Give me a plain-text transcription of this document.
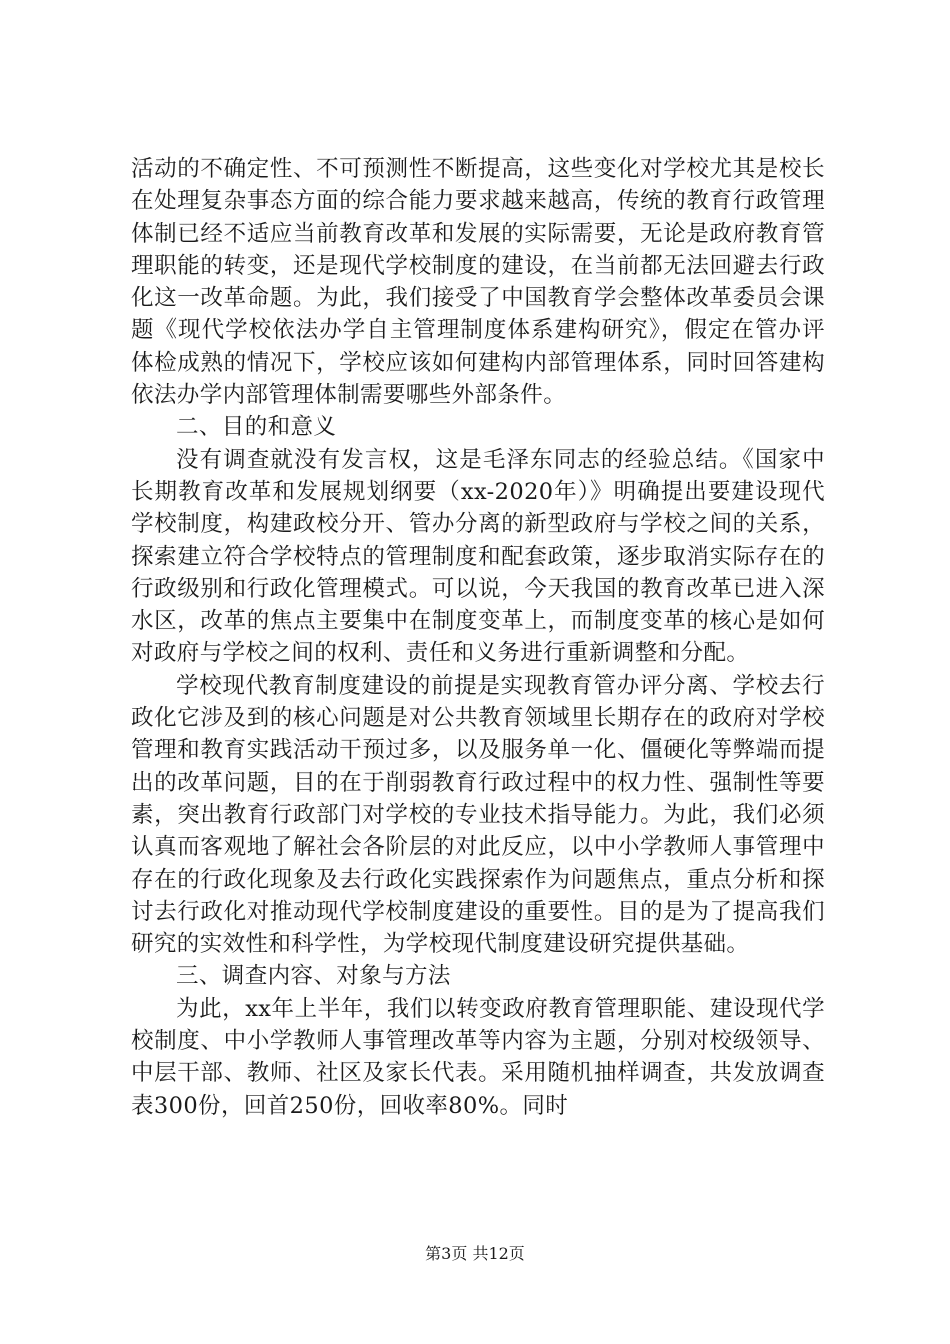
活动的不确定性、不可预测性不断提高，这些变化对学校尤其是校长在处理复杂事态方面的综合能力要求越来越高，传统的教育行政管理体制已经不适应当前教育改革和发展的实际需要，无论是政府教育管理职能的转变，还是现代学校制度的建设，在当前都无法回避去行政化这一改革命题。为此，我们接受了中国教育学会整体改革委员会课题《现代学校依法办学自主管理制度体系建构研究》，假定在管办评体检成熟的情况下，学校应该如何建构内部管理体系，同时回答建构依法办学内部管理体制需要哪些外部条件。

二、目的和意义

没有调查就没有发言权，这是毛泽东同志的经验总结。《国家中长期教育改革和发展规划纲要（xx-2020年）》明确提出要建设现代学校制度，构建政校分开、管办分离的新型政府与学校之间的关系，探索建立符合学校特点的管理制度和配套政策，逐步取消实际存在的行政级别和行政化管理模式。可以说，今天我国的教育改革已进入深水区，改革的焦点主要集中在制度变革上，而制度变革的核心是如何对政府与学校之间的权利、责任和义务进行重新调整和分配。

学校现代教育制度建设的前提是实现教育管办评分离、学校去行政化它涉及到的核心问题是对公共教育领域里长期存在的政府对学校管理和教育实践活动干预过多，以及服务单一化、僵硬化等弊端而提出的改革问题，目的在于削弱教育行政过程中的权力性、强制性等要素，突出教育行政部门对学校的专业技术指导能力。为此，我们必须认真而客观地了解社会各阶层的对此反应，以中小学教师人事管理中存在的行政化现象及去行政化实践探索作为问题焦点，重点分析和探讨去行政化对推动现代学校制度建设的重要性。目的是为了提高我们研究的实效性和科学性，为学校现代制度建设研究提供基础。

三、调查内容、对象与方法

为此，xx年上半年，我们以转变政府教育管理职能、建设现代学校制度、中小学教师人事管理改革等内容为主题，分别对校级领导、中层干部、教师、社区及家长代表。采用随机抽样调查，共发放调查表300份，回首250份，回收率80%。同时

第3页 共12页
